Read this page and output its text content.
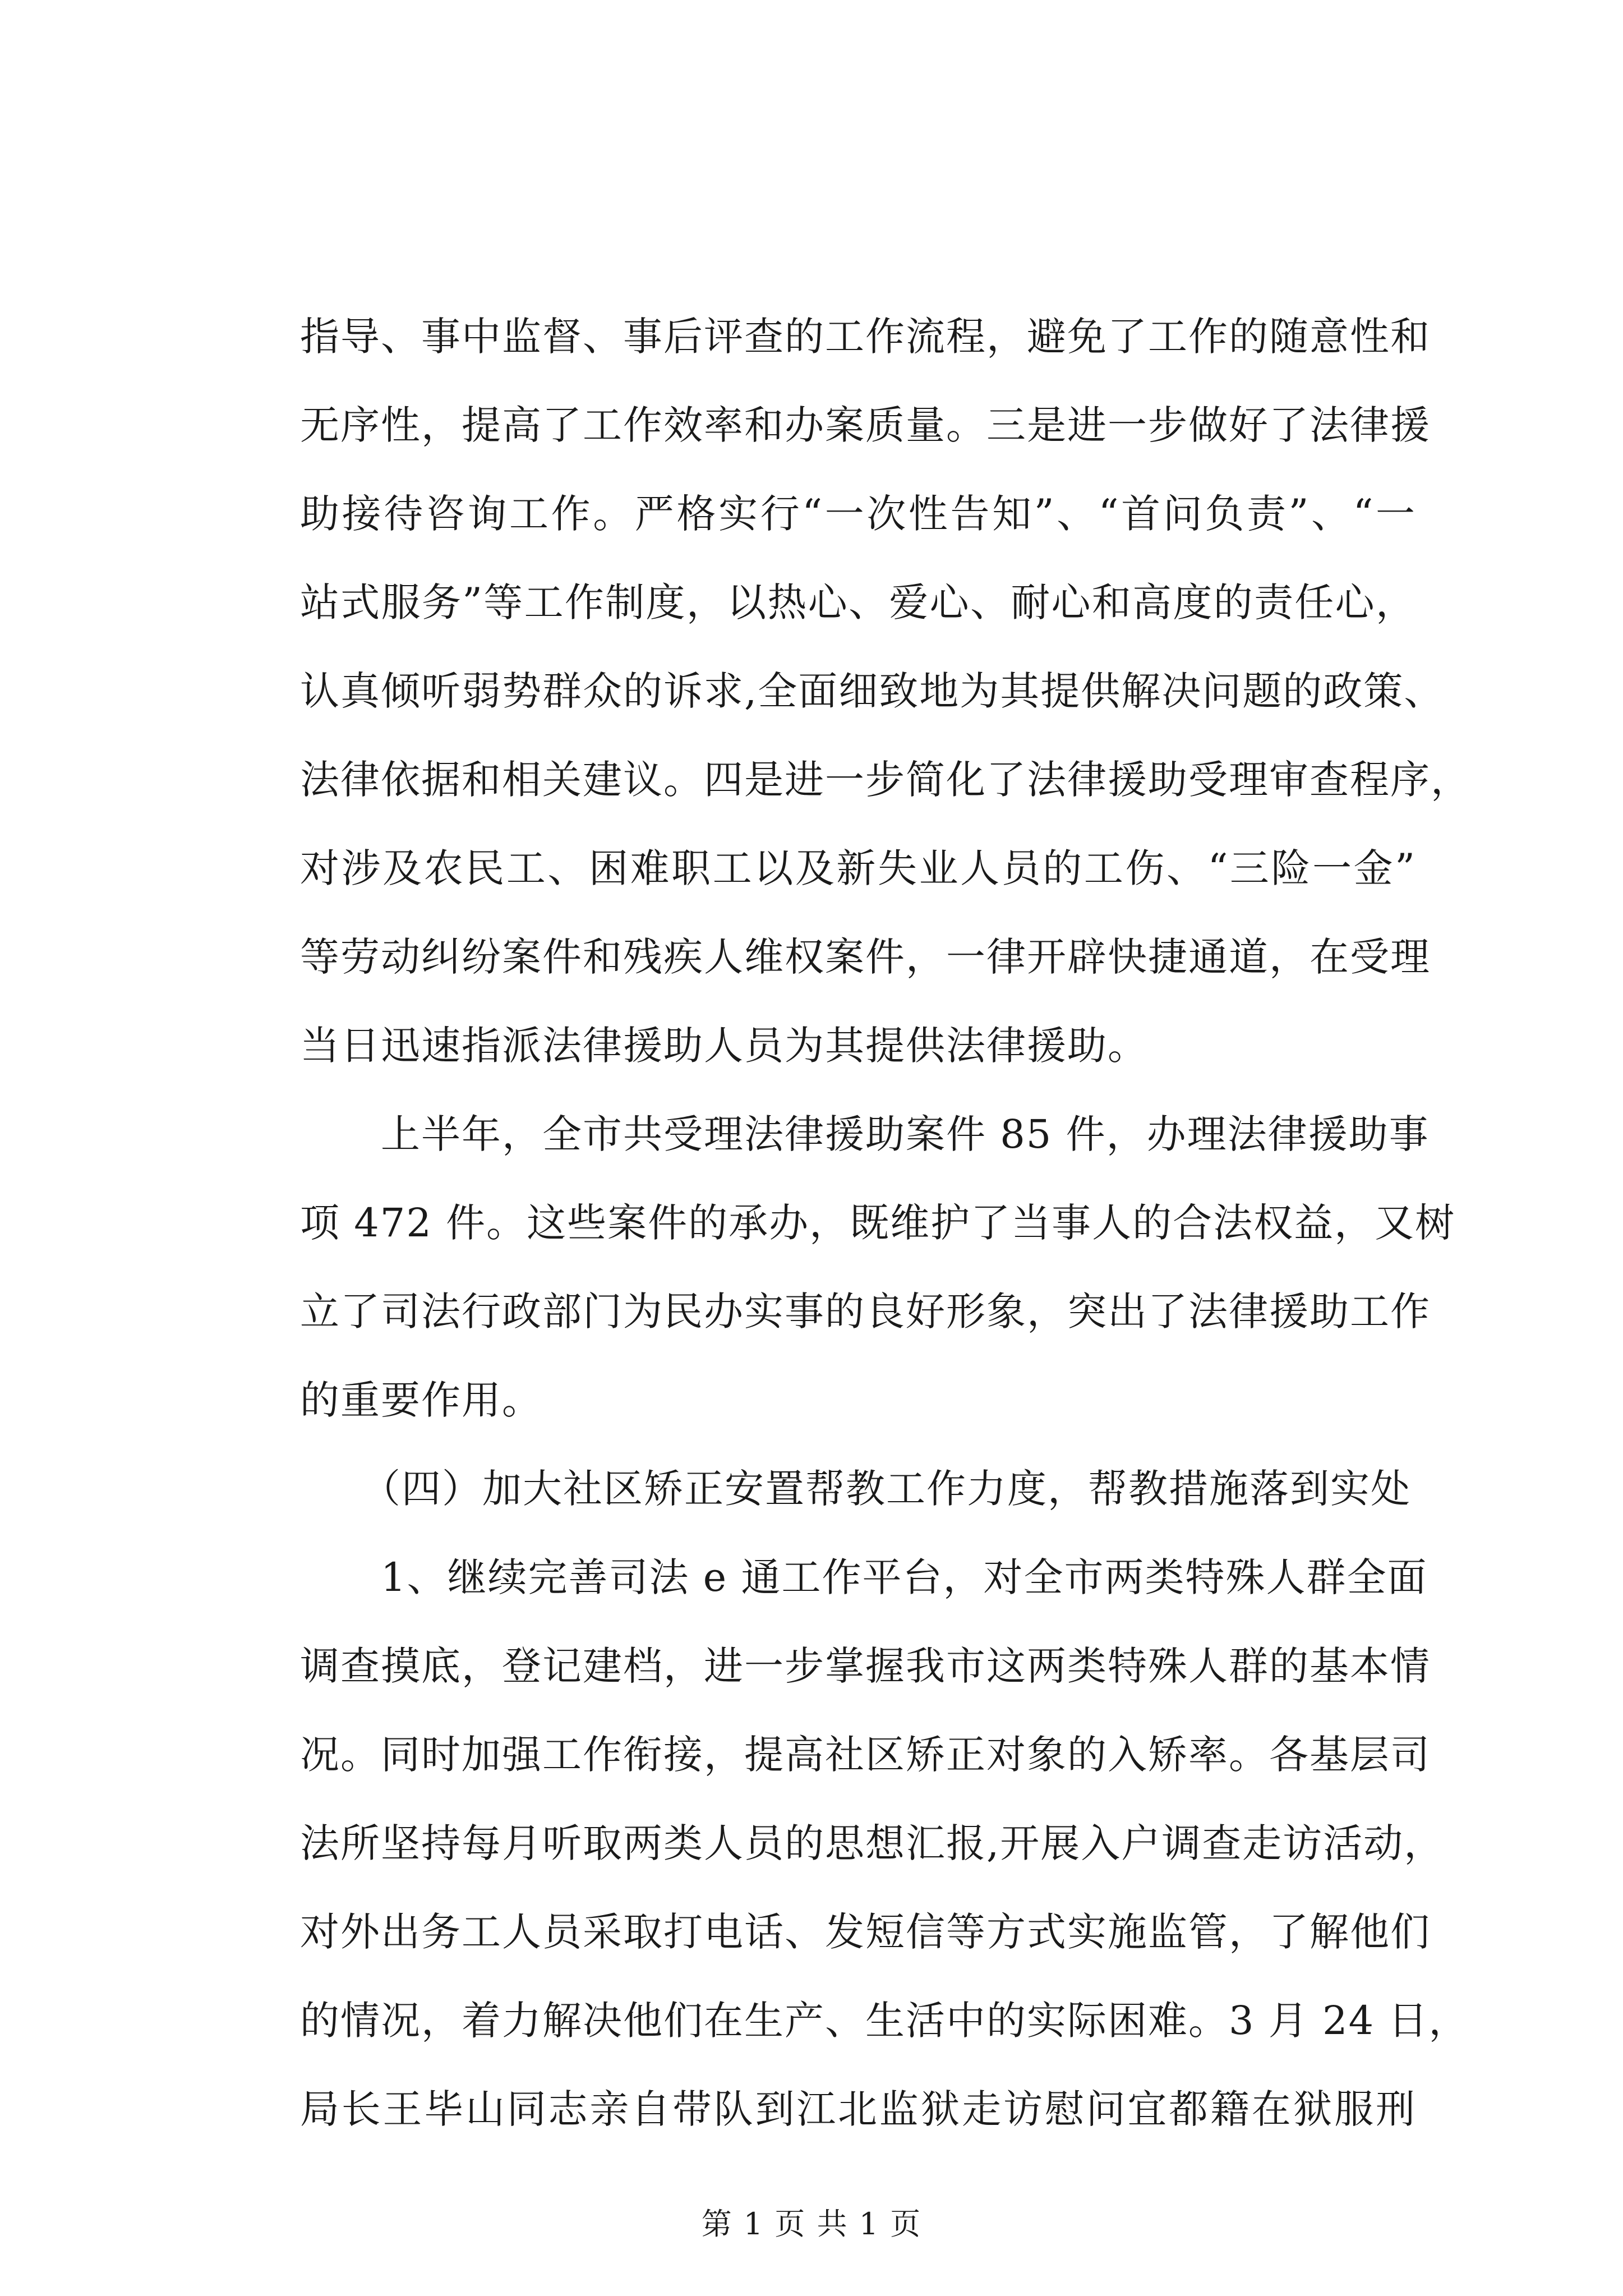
指导、事中监督、事后评查的工作流程，避免了工作的随意性和
无序性，提高了工作效率和办案质量。三是进一步做好了法律援
助接待咨询工作。严格实行“一次性告知”、“首问负责”、“一
站式服务”等工作制度，以热心、爱心、耐心和高度的责任心，
认真倾听弱势群众的诉求,全面细致地为其提供解决问题的政策、
法律依据和相关建议。四是进一步简化了法律援助受理审查程序，
对涉及农民工、困难职工以及新失业人员的工伤、“三险一金”
等劳动纠纷案件和残疾人维权案件，一律开辟快捷通道，在受理
当日迅速指派法律援助人员为其提供法律援助。
　　上半年，全市共受理法律援助案件 85 件，办理法律援助事
项 472 件。这些案件的承办，既维护了当事人的合法权益，又树
立了司法行政部门为民办实事的良好形象，突出了法律援助工作
的重要作用。
　　（四）加大社区矫正安置帮教工作力度，帮教措施落到实处
　　1、继续完善司法 e 通工作平台，对全市两类特殊人群全面
调查摸底，登记建档，进一步掌握我市这两类特殊人群的基本情
况。同时加强工作衔接，提高社区矫正对象的入矫率。各基层司
法所坚持每月听取两类人员的思想汇报,开展入户调查走访活动，
对外出务工人员采取打电话、发短信等方式实施监管，了解他们
的情况，着力解决他们在生产、生活中的实际困难。3 月 24 日，
局长王毕山同志亲自带队到江北监狱走访慰问宜都籍在狱服刑
第 1 页 共 1 页
